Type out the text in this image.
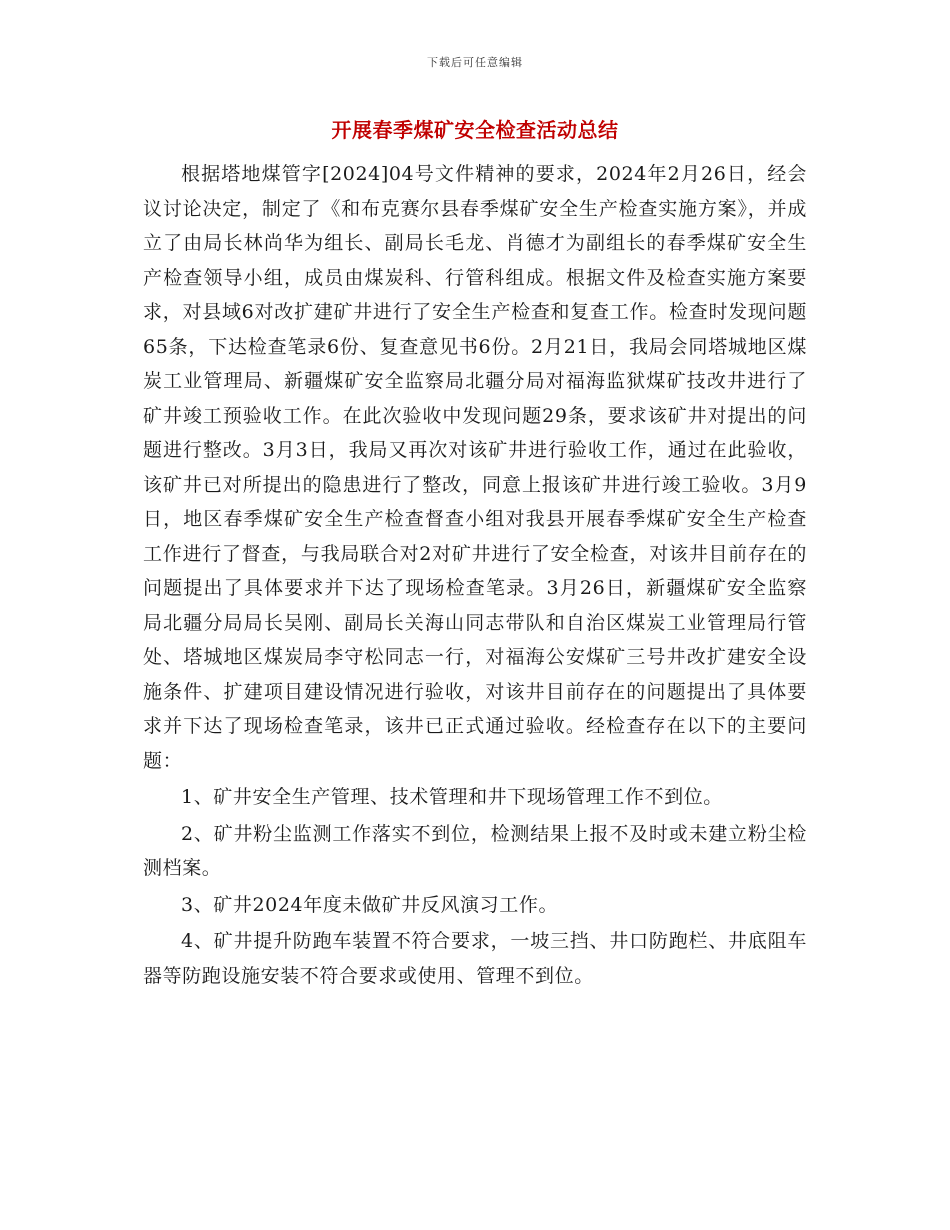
下载后可任意编辑
开展春季煤矿安全检查活动总结

根据塔地煤管字[2024]04号文件精神的要求，2024年2月26日，经会议讨论决定，制定了《和布克赛尔县春季煤矿安全生产检查实施方案》，并成立了由局长林尚华为组长、副局长毛龙、肖德才为副组长的春季煤矿安全生产检查领导小组，成员由煤炭科、行管科组成。根据文件及检查实施方案要求，对县域6对改扩建矿井进行了安全生产检查和复查工作。检查时发现问题65条，下达检查笔录6份、复查意见书6份。2月21日，我局会同塔城地区煤炭工业管理局、新疆煤矿安全监察局北疆分局对福海监狱煤矿技改井进行了矿井竣工预验收工作。在此次验收中发现问题29条，要求该矿井对提出的问题进行整改。3月3日，我局又再次对该矿井进行验收工作，通过在此验收，该矿井已对所提出的隐患进行了整改，同意上报该矿井进行竣工验收。3月9日，地区春季煤矿安全生产检查督查小组对我县开展春季煤矿安全生产检查工作进行了督查，与我局联合对2对矿井进行了安全检查，对该井目前存在的问题提出了具体要求并下达了现场检查笔录。3月26日，新疆煤矿安全监察局北疆分局局长吴刚、副局长关海山同志带队和自治区煤炭工业管理局行管处、塔城地区煤炭局李守松同志一行，对福海公安煤矿三号井改扩建安全设施条件、扩建项目建设情况进行验收，对该井目前存在的问题提出了具体要求并下达了现场检查笔录，该井已正式通过验收。经检查存在以下的主要问题：

1、矿井安全生产管理、技术管理和井下现场管理工作不到位。

2、矿井粉尘监测工作落实不到位，检测结果上报不及时或未建立粉尘检测档案。

3、矿井2024年度未做矿井反风演习工作。

4、矿井提升防跑车装置不符合要求，一坡三挡、井口防跑栏、井底阻车器等防跑设施安装不符合要求或使用、管理不到位。
